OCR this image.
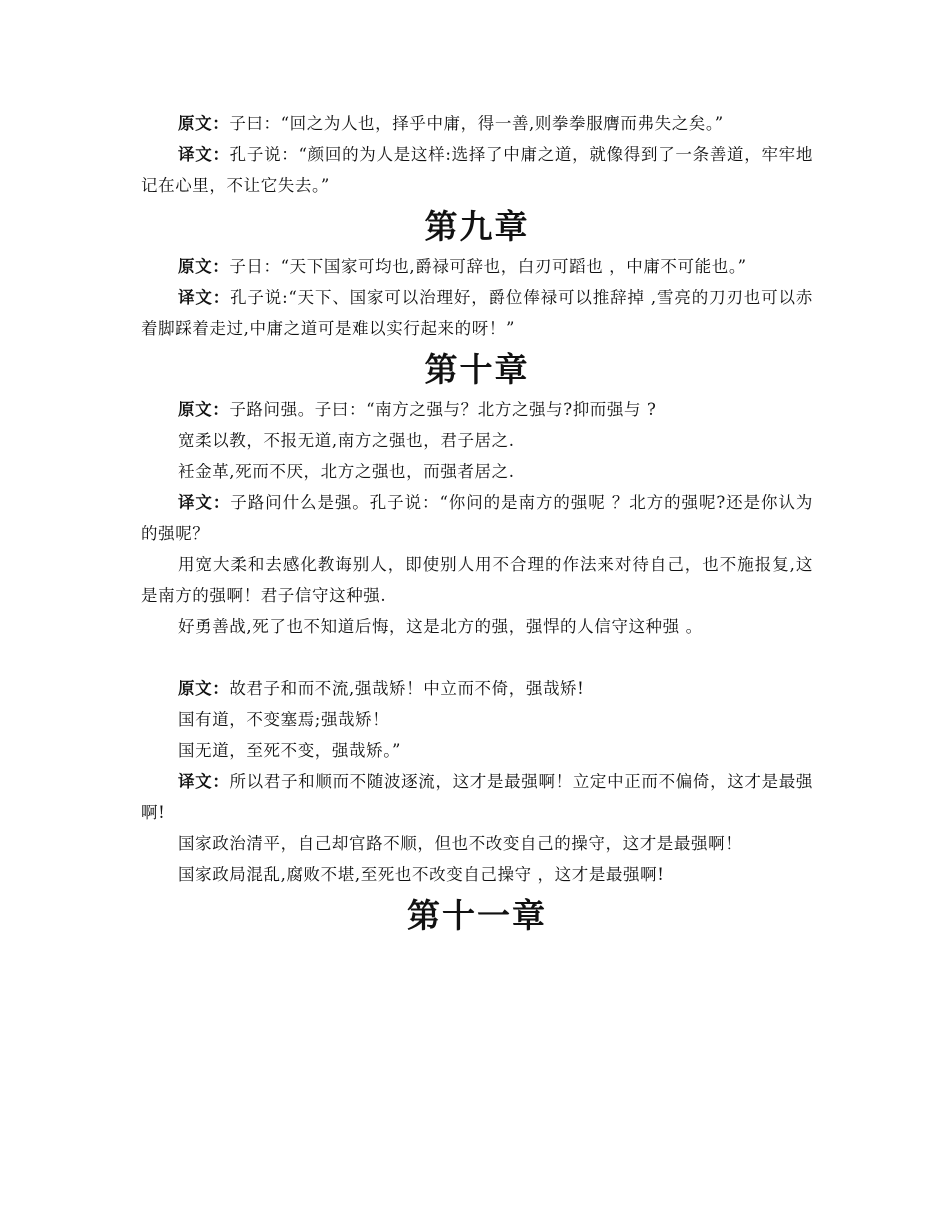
原文：子曰：“回之为人也，择乎中庸，得一善,则拳拳服膺而弗失之矣。”

译文：孔子说：“颜回的为人是这样:选择了中庸之道，就像得到了一条善道，牢牢地记在心里，不让它失去。”

第九章

原文：子日：“天下国家可均也,爵禄可辞也，白刃可蹈也 ，中庸不可能也。”

译文：孔子说:“天下、国家可以治理好，爵位俸禄可以推辞掉 ,雪亮的刀刃也可以赤着脚踩着走过,中庸之道可是难以实行起来的呀！”

第十章

原文：子路问强。子曰：“南方之强与？北方之强与?抑而强与 ?

宽柔以教，不报无道,南方之强也，君子居之.

衽金革,死而不厌，北方之强也，而强者居之.

译文：子路问什么是强。孔子说：“你问的是南方的强呢 ？北方的强呢?还是你认为的强呢？

用宽大柔和去感化教诲别人，即使别人用不合理的作法来对待自己，也不施报复,这是南方的强啊！君子信守这种强.

好勇善战,死了也不知道后悔，这是北方的强，强悍的人信守这种强 。

原文：故君子和而不流,强哉矫！中立而不倚，强哉矫!

国有道，不变塞焉;强哉矫！

国无道，至死不变，强哉矫。”

译文：所以君子和顺而不随波逐流，这才是最强啊！立定中正而不偏倚，这才是最强啊!

国家政治清平，自己却官路不顺，但也不改变自己的操守，这才是最强啊！

国家政局混乱,腐败不堪,至死也不改变自己操守 ，这才是最强啊!

第十一章
